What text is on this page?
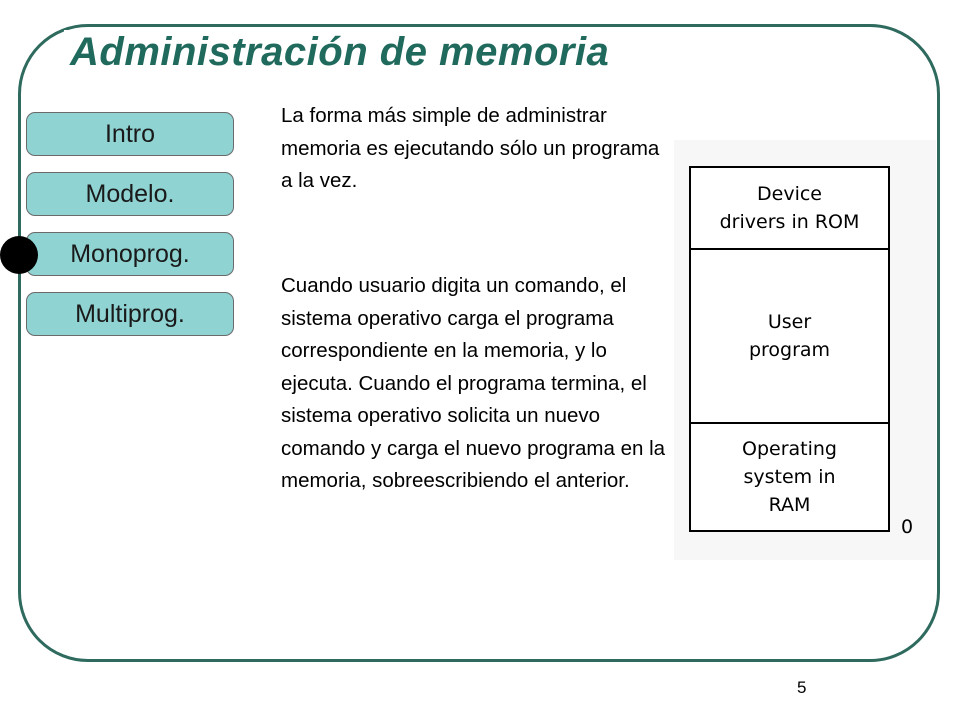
Administración de memoria
Intro
Modelo.
Monoprog.
Multiprog.

La forma más simple de administrar memoria es ejecutando sólo un programa a la vez.

Cuando usuario digita un comando, el sistema operativo carga el programa correspondiente en la memoria, y lo ejecuta. Cuando el programa termina, el sistema operativo solicita un nuevo comando y carga el nuevo programa en la memoria, sobreescribiendo el anterior.

Device
drivers in ROM
User
program
Operating
system in
RAM
0
5
